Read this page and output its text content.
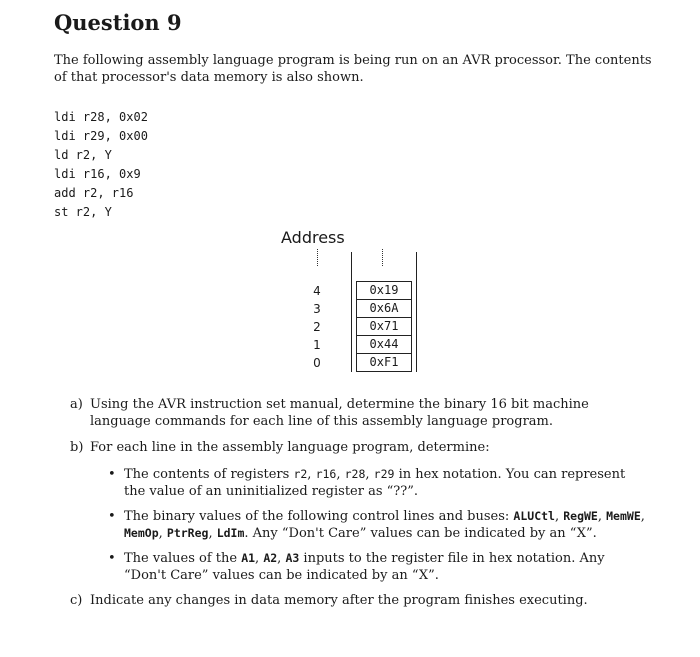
Question 9

The following assembly language program is being run on an AVR processor. The contents of that processor's data memory is also shown.

ldi r28, 0x02
ldi r29, 0x00
ld r2, Y
ldi r16, 0x9
add r2, r16
st r2, Y
Address
4
3
2
1
0
0x19
0x6A
0x71
0x44
0xF1
a) Using the AVR instruction set manual, determine the binary 16 bit machine language commands for each line of this assembly language program.
b) For each line in the assembly language program, determine:
• The contents of registers r2, r16, r28, r29 in hex notation. You can represent the value of an uninitialized register as “??”.
• The binary values of the following control lines and buses: ALUCtl, RegWE, MemWE, MemOp, PtrReg, LdIm. Any “Don't Care” values can be indicated by an “X”.
• The values of the A1, A2, A3 inputs to the register file in hex notation. Any “Don't Care” values can be indicated by an “X”.
c) Indicate any changes in data memory after the program finishes executing.
